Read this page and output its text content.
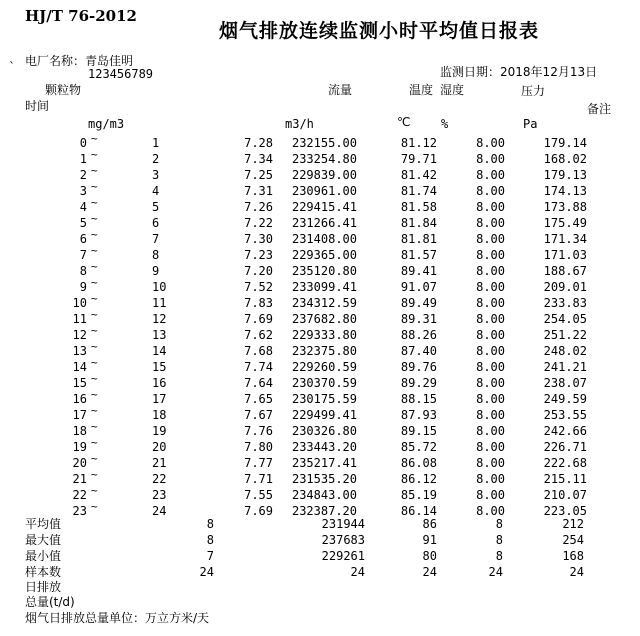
HJ/T 76-2012
烟气排放连续监测小时平均值日报表
电厂名称：青岛佳明
`	123456789	监测日期：2018年12月13日
颗粒物	流量	温度 湿度	压力
时间	备注
mg/m3	m3/h	℃	%	Pa
0 ~	1	7.28	232155.00	81.12	8.00	179.14
1 ~	2	7.34	233254.80	79.71	8.00	168.02
2 ~	3	7.25	229839.00	81.42	8.00	179.13
3 ~	4	7.31	230961.00	81.74	8.00	174.13
4 ~	5	7.26	229415.41	81.58	8.00	173.88
5 ~	6	7.22	231266.41	81.84	8.00	175.49
6 ~	7	7.30	231408.00	81.81	8.00	171.34
7 ~	8	7.23	229365.00	81.57	8.00	171.03
8 ~	9	7.20	235120.80	89.41	8.00	188.67
9 ~	10	7.52	233099.41	91.07	8.00	209.01
10 ~	11	7.83	234312.59	89.49	8.00	233.83
11 ~	12	7.69	237682.80	89.31	8.00	254.05
12 ~	13	7.62	229333.80	88.26	8.00	251.22
13 ~	14	7.68	232375.80	87.40	8.00	248.02
14 ~	15	7.74	229260.59	89.76	8.00	241.21
15 ~	16	7.64	230370.59	89.29	8.00	238.07
16 ~	17	7.65	230175.59	88.15	8.00	249.59
17 ~	18	7.67	229499.41	87.93	8.00	253.55
18 ~	19	7.76	230326.80	89.15	8.00	242.66
19 ~	20	7.80	233443.20	85.72	8.00	226.71
20 ~	21	7.77	235217.41	86.08	8.00	222.68
21 ~	22	7.71	231535.20	86.12	8.00	215.11
22 ~	23	7.55	234843.00	85.19	8.00	210.07
23 ~	24	7.69	232387.20	86.14	8.00	223.05
平均值	8	231944	86	8	212
最大值	8	237683	91	8	254
最小值	7	229261	80	8	168
样本数	24	24	24	24	24
日排放
总量(t/d)
烟气日排放总量单位：万立方米/天
